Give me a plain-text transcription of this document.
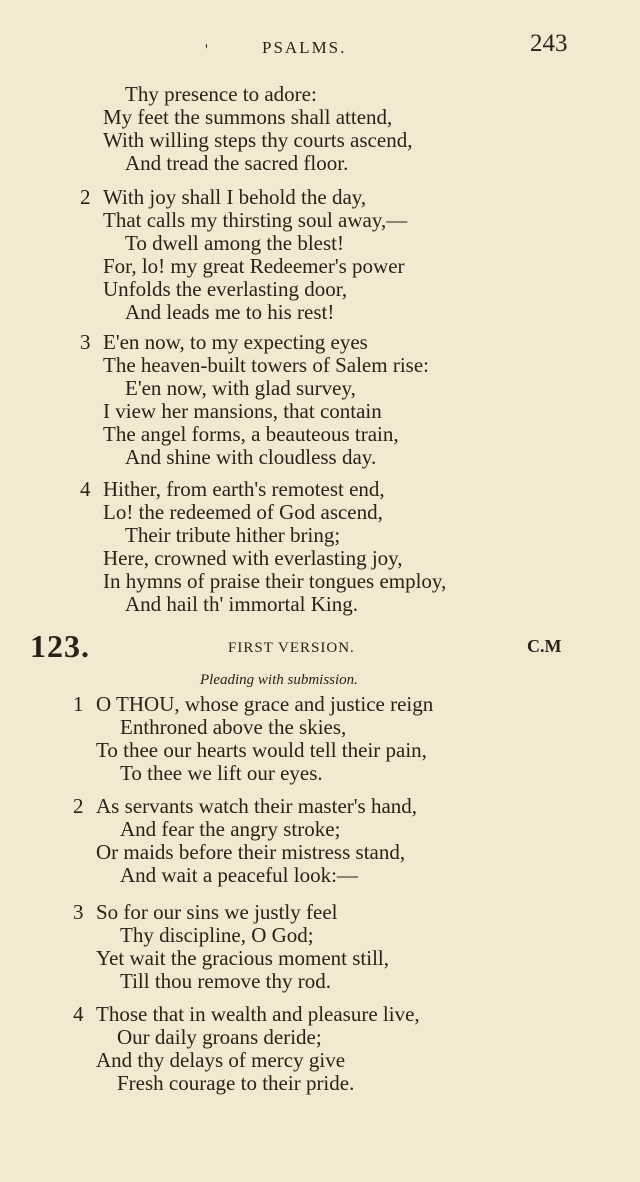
'	PSALMS.	243
Thy presence to adore:
My feet the summons shall attend,
With willing steps thy courts ascend,
And tread the sacred floor.
2 With joy shall I behold the day,
That calls my thirsting soul away,—
To dwell among the blest!
For, lo! my great Redeemer's power
Unfolds the everlasting door,
And leads me to his rest!
3 E'en now, to my expecting eyes
The heaven-built towers of Salem rise:
E'en now, with glad survey,
I view her mansions, that contain
The angel forms, a beauteous train,
And shine with cloudless day.
4 Hither, from earth's remotest end,
Lo! the redeemed of God ascend,
Their tribute hither bring;
Here, crowned with everlasting joy,
In hymns of praise their tongues employ,
And hail th' immortal King.
123.	FIRST VERSION.	C.M
Pleading with submission.
1 O THOU, whose grace and justice reign
Enthroned above the skies,
To thee our hearts would tell their pain,
To thee we lift our eyes.
2 As servants watch their master's hand,
And fear the angry stroke;
Or maids before their mistress stand,
And wait a peaceful look:—
3 So for our sins we justly feel
Thy discipline, O God;
Yet wait the gracious moment still,
Till thou remove thy rod.
4 Those that in wealth and pleasure live,
Our daily groans deride;
And thy delays of mercy give
Fresh courage to their pride.
